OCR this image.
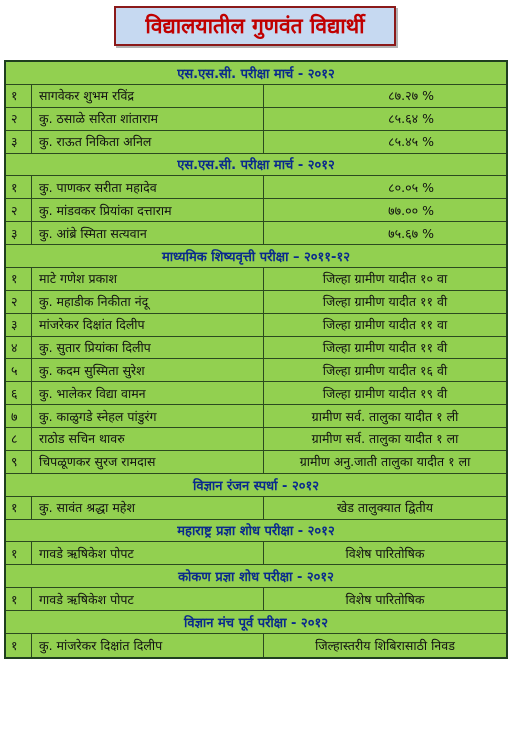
विद्यालयातील गुणवंत विद्यार्थी
एस.एस.सी. परीक्षा मार्च - २०१२
१	सागवेकर शुभम रविंद्र	८७.२७ %
२	कु. ठसाळे सरिता शांताराम	८५.६४ %
३	कु. राऊत निकिता अनिल	८५.४५ %
एस.एस.सी. परीक्षा मार्च - २०१२
१	कु. पाणकर सरीता महादेव	८०.०५ %
२	कु. मांडवकर प्रियांका दत्ताराम	७७.०० %
३	कु. आंब्रे स्मिता सत्यवान	७५.६७ %
माध्यमिक शिष्यवृत्ती परीक्षा – २०११-१२
१	माटे गणेश प्रकाश	जिल्हा ग्रामीण यादीत १० वा
२	कु. महाडीक निकीता नंदू	जिल्हा ग्रामीण यादीत ११ वी
३	मांजरेकर दिक्षांत दिलीप	जिल्हा ग्रामीण यादीत ११ वा
४	कु. सुतार प्रियांका दिलीप	जिल्हा ग्रामीण यादीत ११ वी
५	कु. कदम सुस्मिता सुरेश	जिल्हा ग्रामीण यादीत १६ वी
६	कु. भालेकर विद्या वामन	जिल्हा ग्रामीण यादीत १९ वी
७	कु. काळुगडे स्नेहल पांडुरंग	ग्रामीण सर्व. तालुका यादीत १ ली
८	राठोड सचिन थावरु	ग्रामीण सर्व. तालुका यादीत १ ला
९	चिपळूणकर सुरज रामदास	ग्रामीण अनु.जाती तालुका यादीत १ ला
विज्ञान रंजन स्पर्धा - २०१२
१	कु. सावंत श्रद्धा महेश	खेड तालुक्यात द्वितीय
महाराष्ट्र प्रज्ञा शोध परीक्षा - २०१२
१	गावडे ऋषिकेश पोपट	विशेष पारितोषिक
कोकण प्रज्ञा शोध परीक्षा - २०१२
१	गावडे ऋषिकेश पोपट	विशेष पारितोषिक
विज्ञान मंच पूर्व परीक्षा - २०१२
१	कु. मांजरेकर दिक्षांत दिलीप	जिल्हास्तरीय शिबिरासाठी निवड
